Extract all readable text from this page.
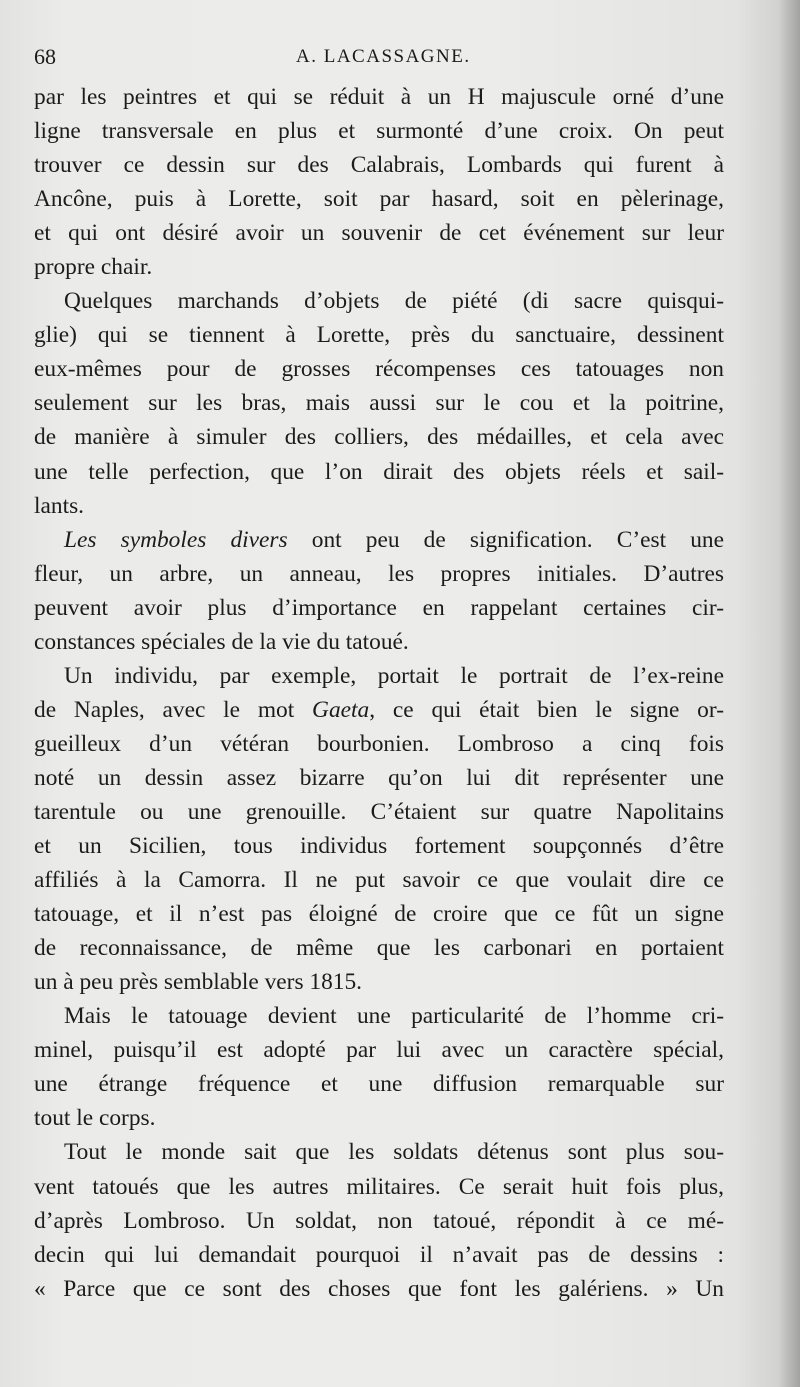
68	A. LACASSAGNE.
par les peintres et qui se réduit à un H majuscule orné d’une
ligne transversale en plus et surmonté d’une croix. On peut
trouver ce dessin sur des Calabrais, Lombards qui furent à
Ancône, puis à Lorette, soit par hasard, soit en pèlerinage,
et qui ont désiré avoir un souvenir de cet événement sur leur
propre chair.
Quelques marchands d’objets de piété (di sacre quisqui-
glie) qui se tiennent à Lorette, près du sanctuaire, dessinent
eux-mêmes pour de grosses récompenses ces tatouages non
seulement sur les bras, mais aussi sur le cou et la poitrine,
de manière à simuler des colliers, des médailles, et cela avec
une telle perfection, que l’on dirait des objets réels et sail-
lants.
Les symboles divers ont peu de signification. C’est une
fleur, un arbre, un anneau, les propres initiales. D’autres
peuvent avoir plus d’importance en rappelant certaines cir-
constances spéciales de la vie du tatoué.
Un individu, par exemple, portait le portrait de l’ex-reine
de Naples, avec le mot Gaeta, ce qui était bien le signe or-
gueilleux d’un vétéran bourbonien. Lombroso a cinq fois
noté un dessin assez bizarre qu’on lui dit représenter une
tarentule ou une grenouille. C’étaient sur quatre Napolitains
et un Sicilien, tous individus fortement soupçonnés d’être
affiliés à la Camorra. Il ne put savoir ce que voulait dire ce
tatouage, et il n’est pas éloigné de croire que ce fût un signe
de reconnaissance, de même que les carbonari en portaient
un à peu près semblable vers 1815.
Mais le tatouage devient une particularité de l’homme cri-
minel, puisqu’il est adopté par lui avec un caractère spécial,
une étrange fréquence et une diffusion remarquable sur
tout le corps.
Tout le monde sait que les soldats détenus sont plus sou-
vent tatoués que les autres militaires. Ce serait huit fois plus,
d’après Lombroso. Un soldat, non tatoué, répondit à ce mé-
decin qui lui demandait pourquoi il n’avait pas de dessins :
« Parce que ce sont des choses que font les galériens. » Un
